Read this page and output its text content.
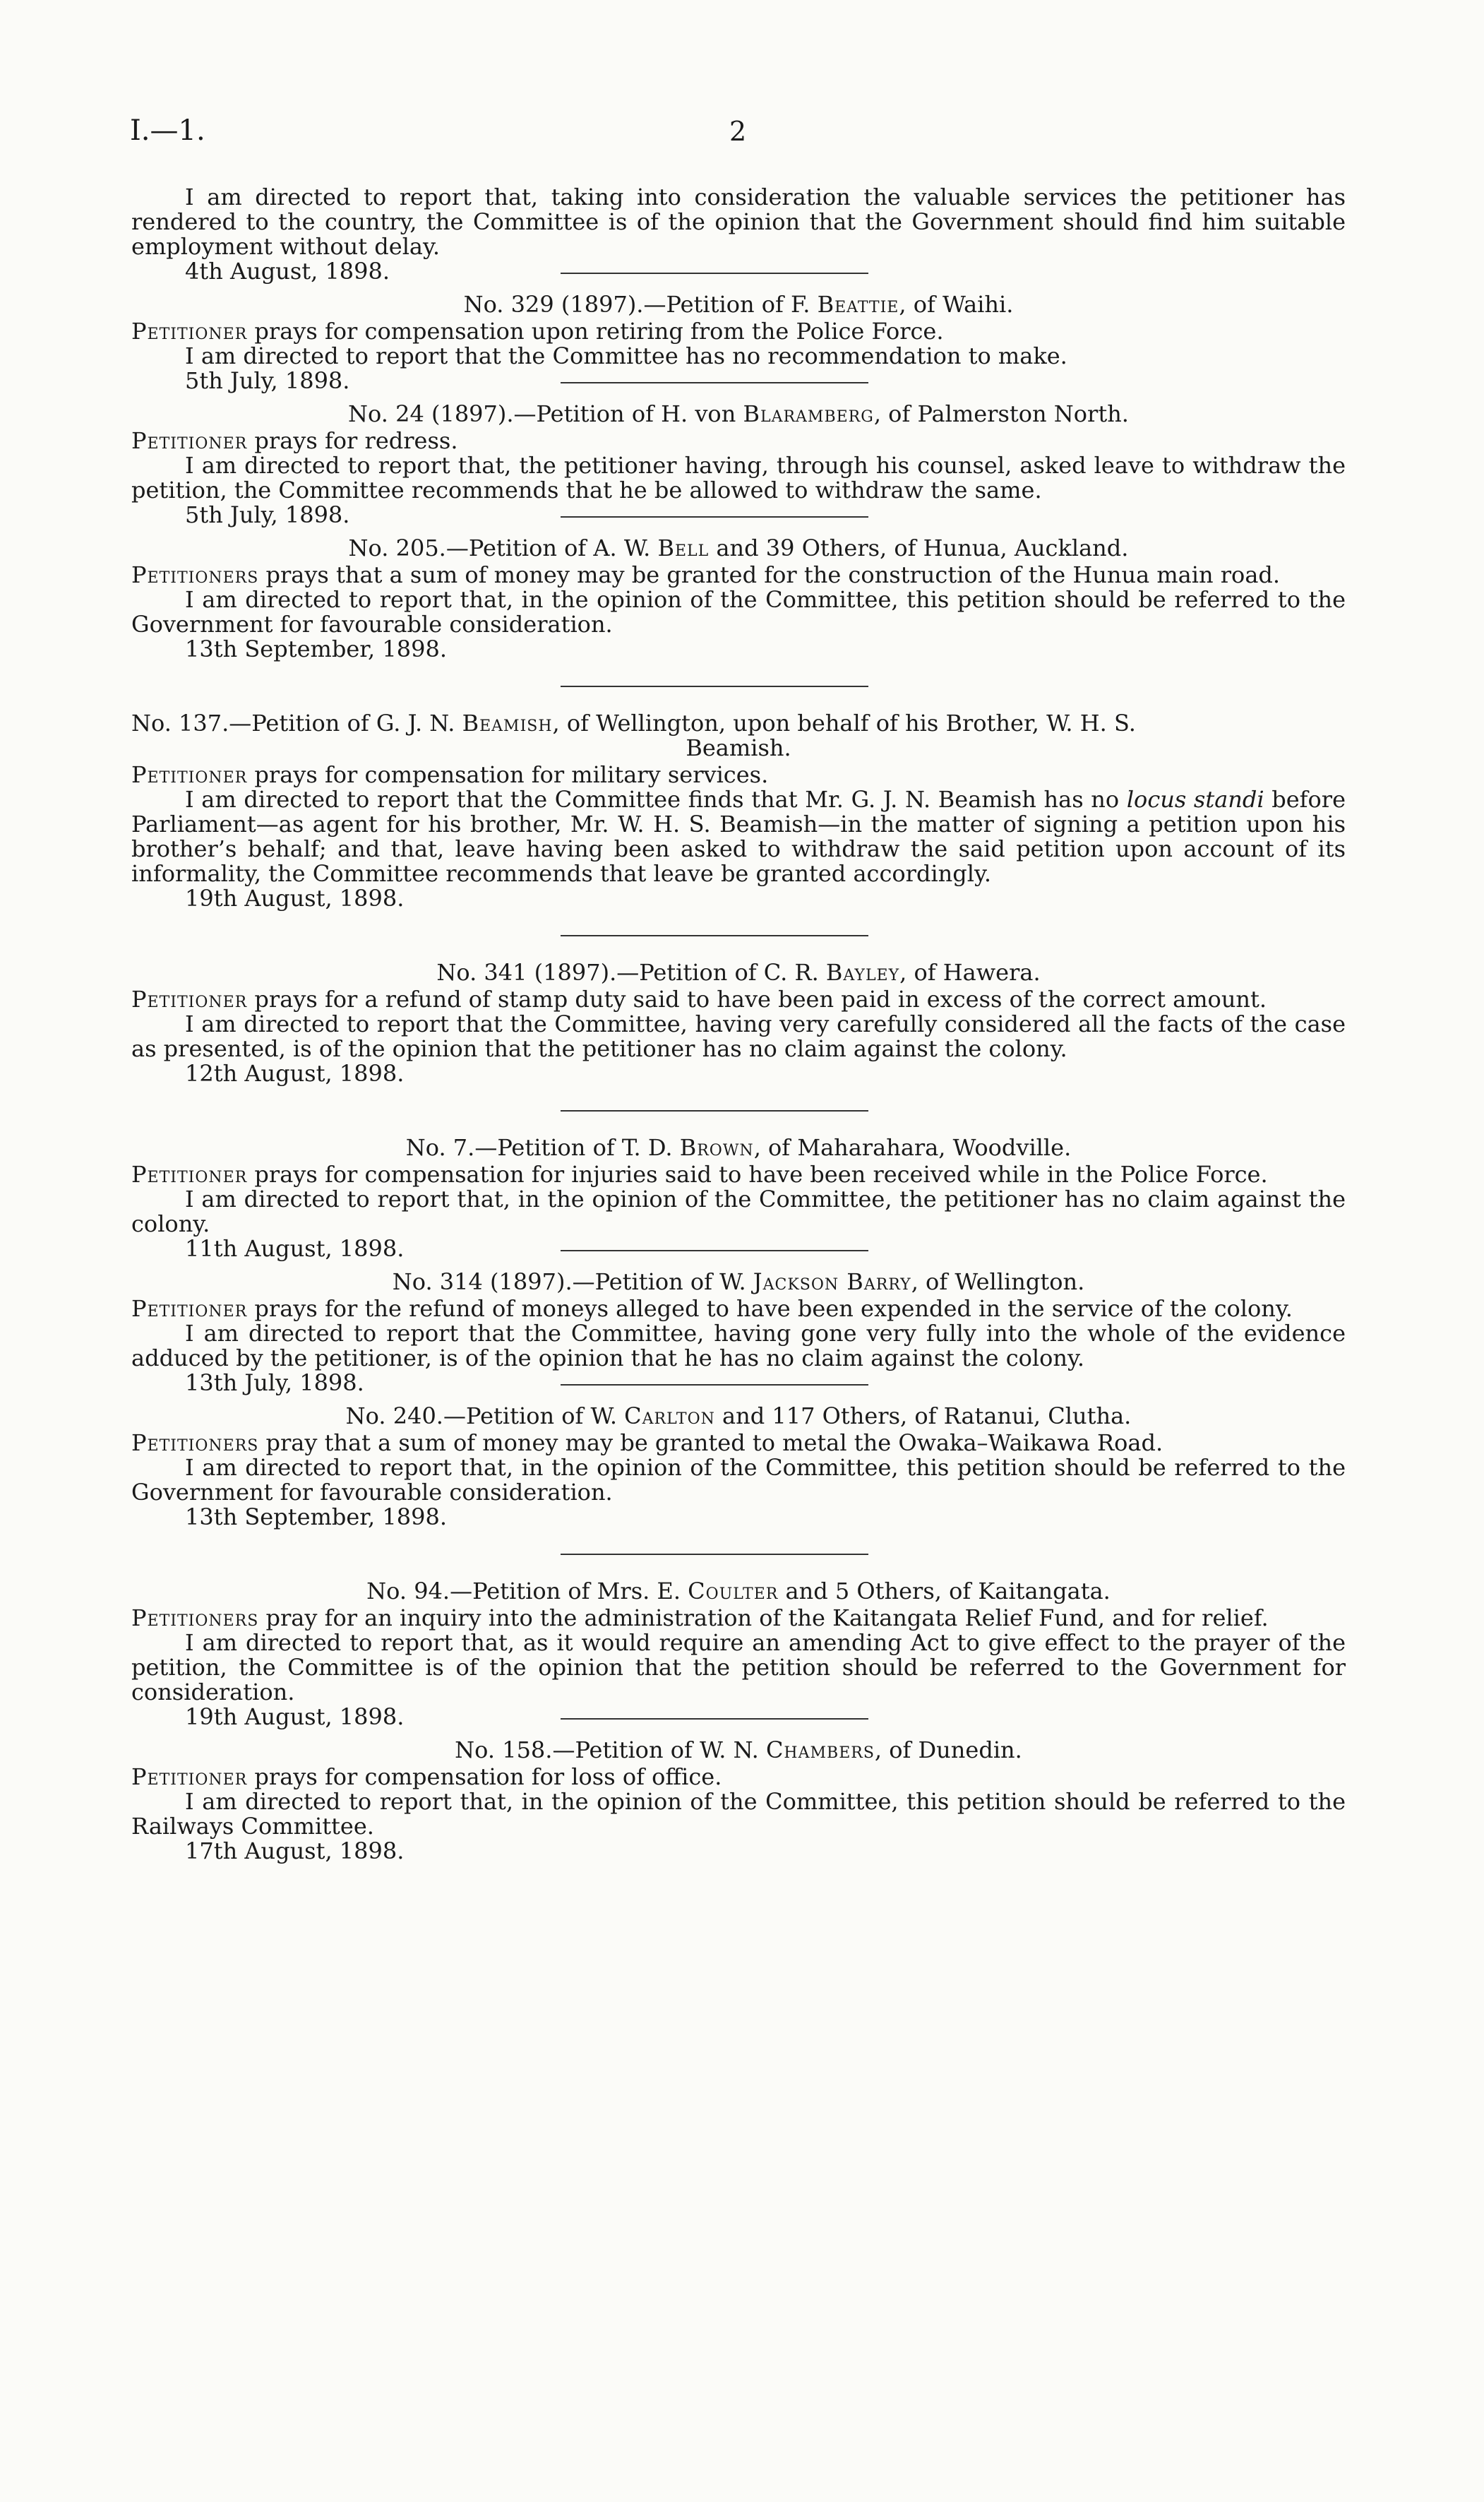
I.—1.	2

I am directed to report that, taking into consideration the valuable services the petitioner has rendered to the country, the Committee is of the opinion that the Government should find him suitable employment without delay.

4th August, 1898.

No. 329 (1897).—Petition of F. Beattie, of Waihi.

Petitioner prays for compensation upon retiring from the Police Force.

I am directed to report that the Committee has no recommendation to make.

5th July, 1898.

No. 24 (1897).—Petition of H. von Blaramberg, of Palmerston North.

Petitioner prays for redress.

I am directed to report that, the petitioner having, through his counsel, asked leave to withdraw the petition, the Committee recommends that he be allowed to withdraw the same.

5th July, 1898.

No. 205.—Petition of A. W. Bell and 39 Others, of Hunua, Auckland.

Petitioners prays that a sum of money may be granted for the construction of the Hunua main road.

I am directed to report that, in the opinion of the Committee, this petition should be referred to the Government for favourable consideration.

13th September, 1898.

No. 137.—Petition of G. J. N. Beamish, of Wellington, upon behalf of his Brother, W. H. S.
Beamish.

Petitioner prays for compensation for military services.

I am directed to report that the Committee finds that Mr. G. J. N. Beamish has no locus standi before Parliament—as agent for his brother, Mr. W. H. S. Beamish—in the matter of signing a petition upon his brother’s behalf; and that, leave having been asked to withdraw the said petition upon account of its informality, the Committee recommends that leave be granted accordingly.

19th August, 1898.

No. 341 (1897).—Petition of C. R. Bayley, of Hawera.

Petitioner prays for a refund of stamp duty said to have been paid in excess of the correct amount.

I am directed to report that the Committee, having very carefully considered all the facts of the case as presented, is of the opinion that the petitioner has no claim against the colony.

12th August, 1898.

No. 7.—Petition of T. D. Brown, of Maharahara, Woodville.

Petitioner prays for compensation for injuries said to have been received while in the Police Force.

I am directed to report that, in the opinion of the Committee, the petitioner has no claim against the colony.

11th August, 1898.

No. 314 (1897).—Petition of W. Jackson Barry, of Wellington.

Petitioner prays for the refund of moneys alleged to have been expended in the service of the colony.

I am directed to report that the Committee, having gone very fully into the whole of the evidence adduced by the petitioner, is of the opinion that he has no claim against the colony.

13th July, 1898.

No. 240.—Petition of W. Carlton and 117 Others, of Ratanui, Clutha.

Petitioners pray that a sum of money may be granted to metal the Owaka–Waikawa Road.

I am directed to report that, in the opinion of the Committee, this petition should be referred to the Government for favourable consideration.

13th September, 1898.

No. 94.—Petition of Mrs. E. Coulter and 5 Others, of Kaitangata.

Petitioners pray for an inquiry into the administration of the Kaitangata Relief Fund, and for relief.

I am directed to report that, as it would require an amending Act to give effect to the prayer of the petition, the Committee is of the opinion that the petition should be referred to the Government for consideration.

19th August, 1898.

No. 158.—Petition of W. N. Chambers, of Dunedin.

Petitioner prays for compensation for loss of office.

I am directed to report that, in the opinion of the Committee, this petition should be referred to the Railways Committee.

17th August, 1898.
